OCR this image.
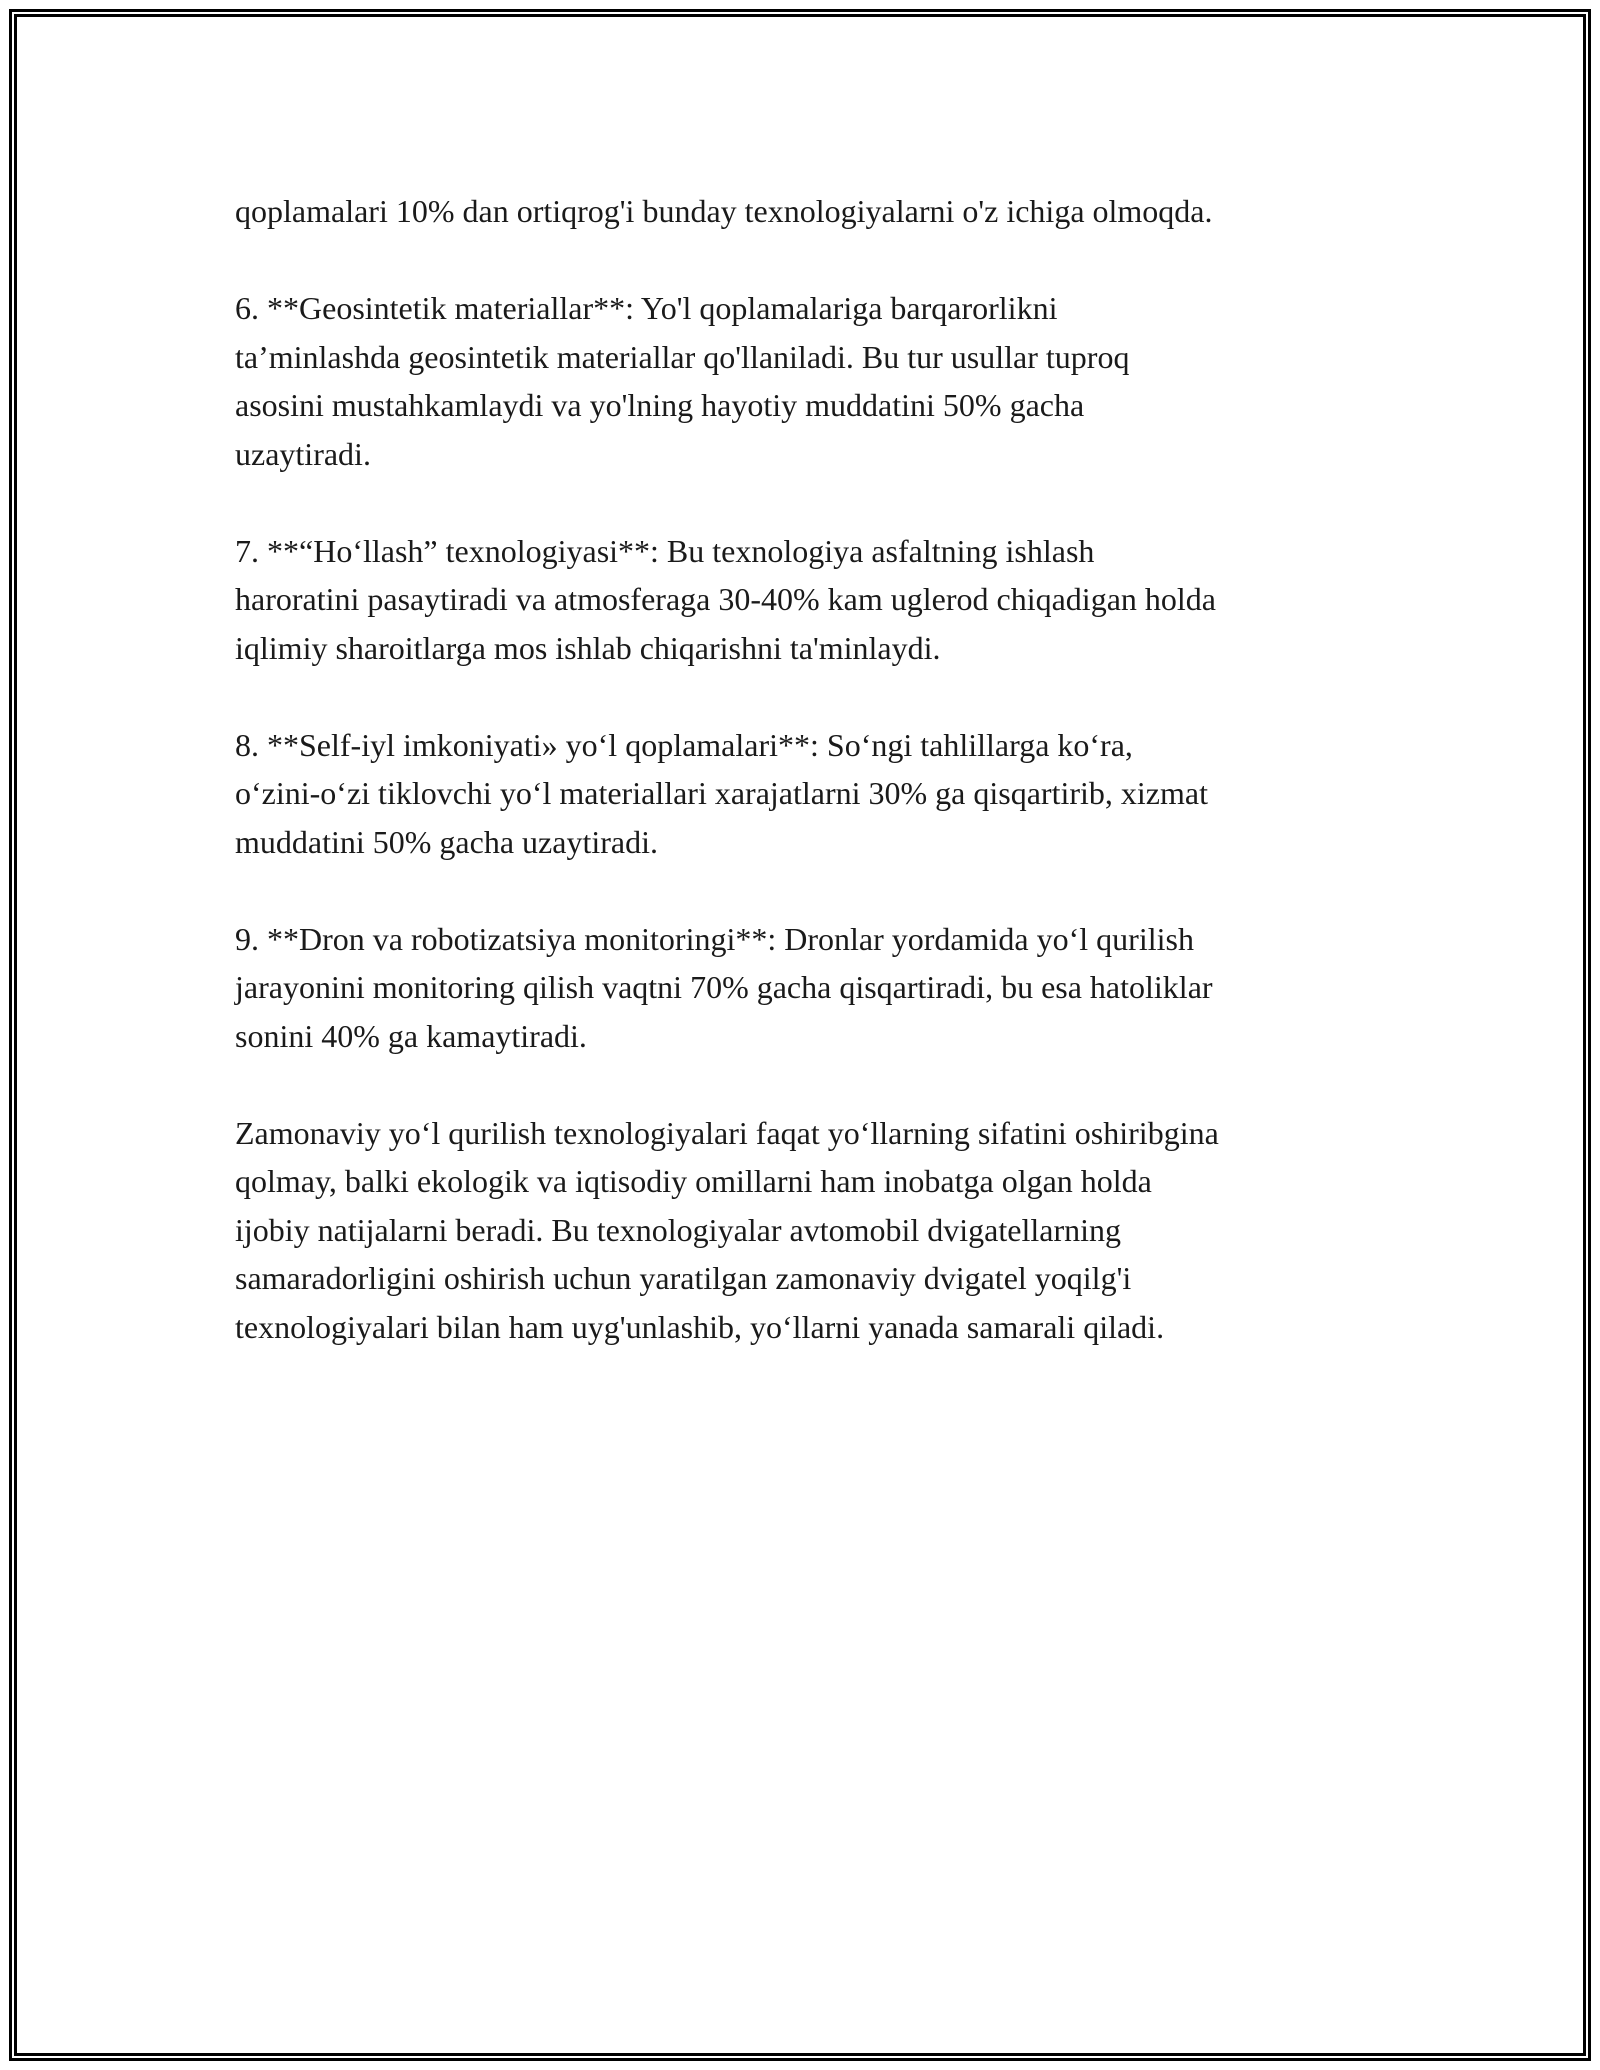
qoplamalari 10% dan ortiqrog'i bunday texnologiyalarni o'z ichiga olmoqda.

6. **Geosintetik materiallar**: Yo'l qoplamalariga barqarorlikni
ta’minlashda geosintetik materiallar qo'llaniladi. Bu tur usullar tuproq
asosini mustahkamlaydi va yo'lning hayotiy muddatini 50% gacha
uzaytiradi.

7. **“Ho‘llash” texnologiyasi**: Bu texnologiya asfaltning ishlash
haroratini pasaytiradi va atmosferaga 30-40% kam uglerod chiqadigan holda
iqlimiy sharoitlarga mos ishlab chiqarishni ta'minlaydi.

8. **Self-iyl imkoniyati» yo‘l qoplamalari**: So‘ngi tahlillarga ko‘ra,
o‘zini-o‘zi tiklovchi yo‘l materiallari xarajatlarni 30% ga qisqartirib, xizmat
muddatini 50% gacha uzaytiradi.

9. **Dron va robotizatsiya monitoringi**: Dronlar yordamida yo‘l qurilish
jarayonini monitoring qilish vaqtni 70% gacha qisqartiradi, bu esa hatoliklar
sonini 40% ga kamaytiradi.

Zamonaviy yo‘l qurilish texnologiyalari faqat yo‘llarning sifatini oshiribgina
qolmay, balki ekologik va iqtisodiy omillarni ham inobatga olgan holda
ijobiy natijalarni beradi. Bu texnologiyalar avtomobil dvigatellarning
samaradorligini oshirish uchun yaratilgan zamonaviy dvigatel yoqilg'i
texnologiyalari bilan ham uyg'unlashib, yo‘llarni yanada samarali qiladi.
